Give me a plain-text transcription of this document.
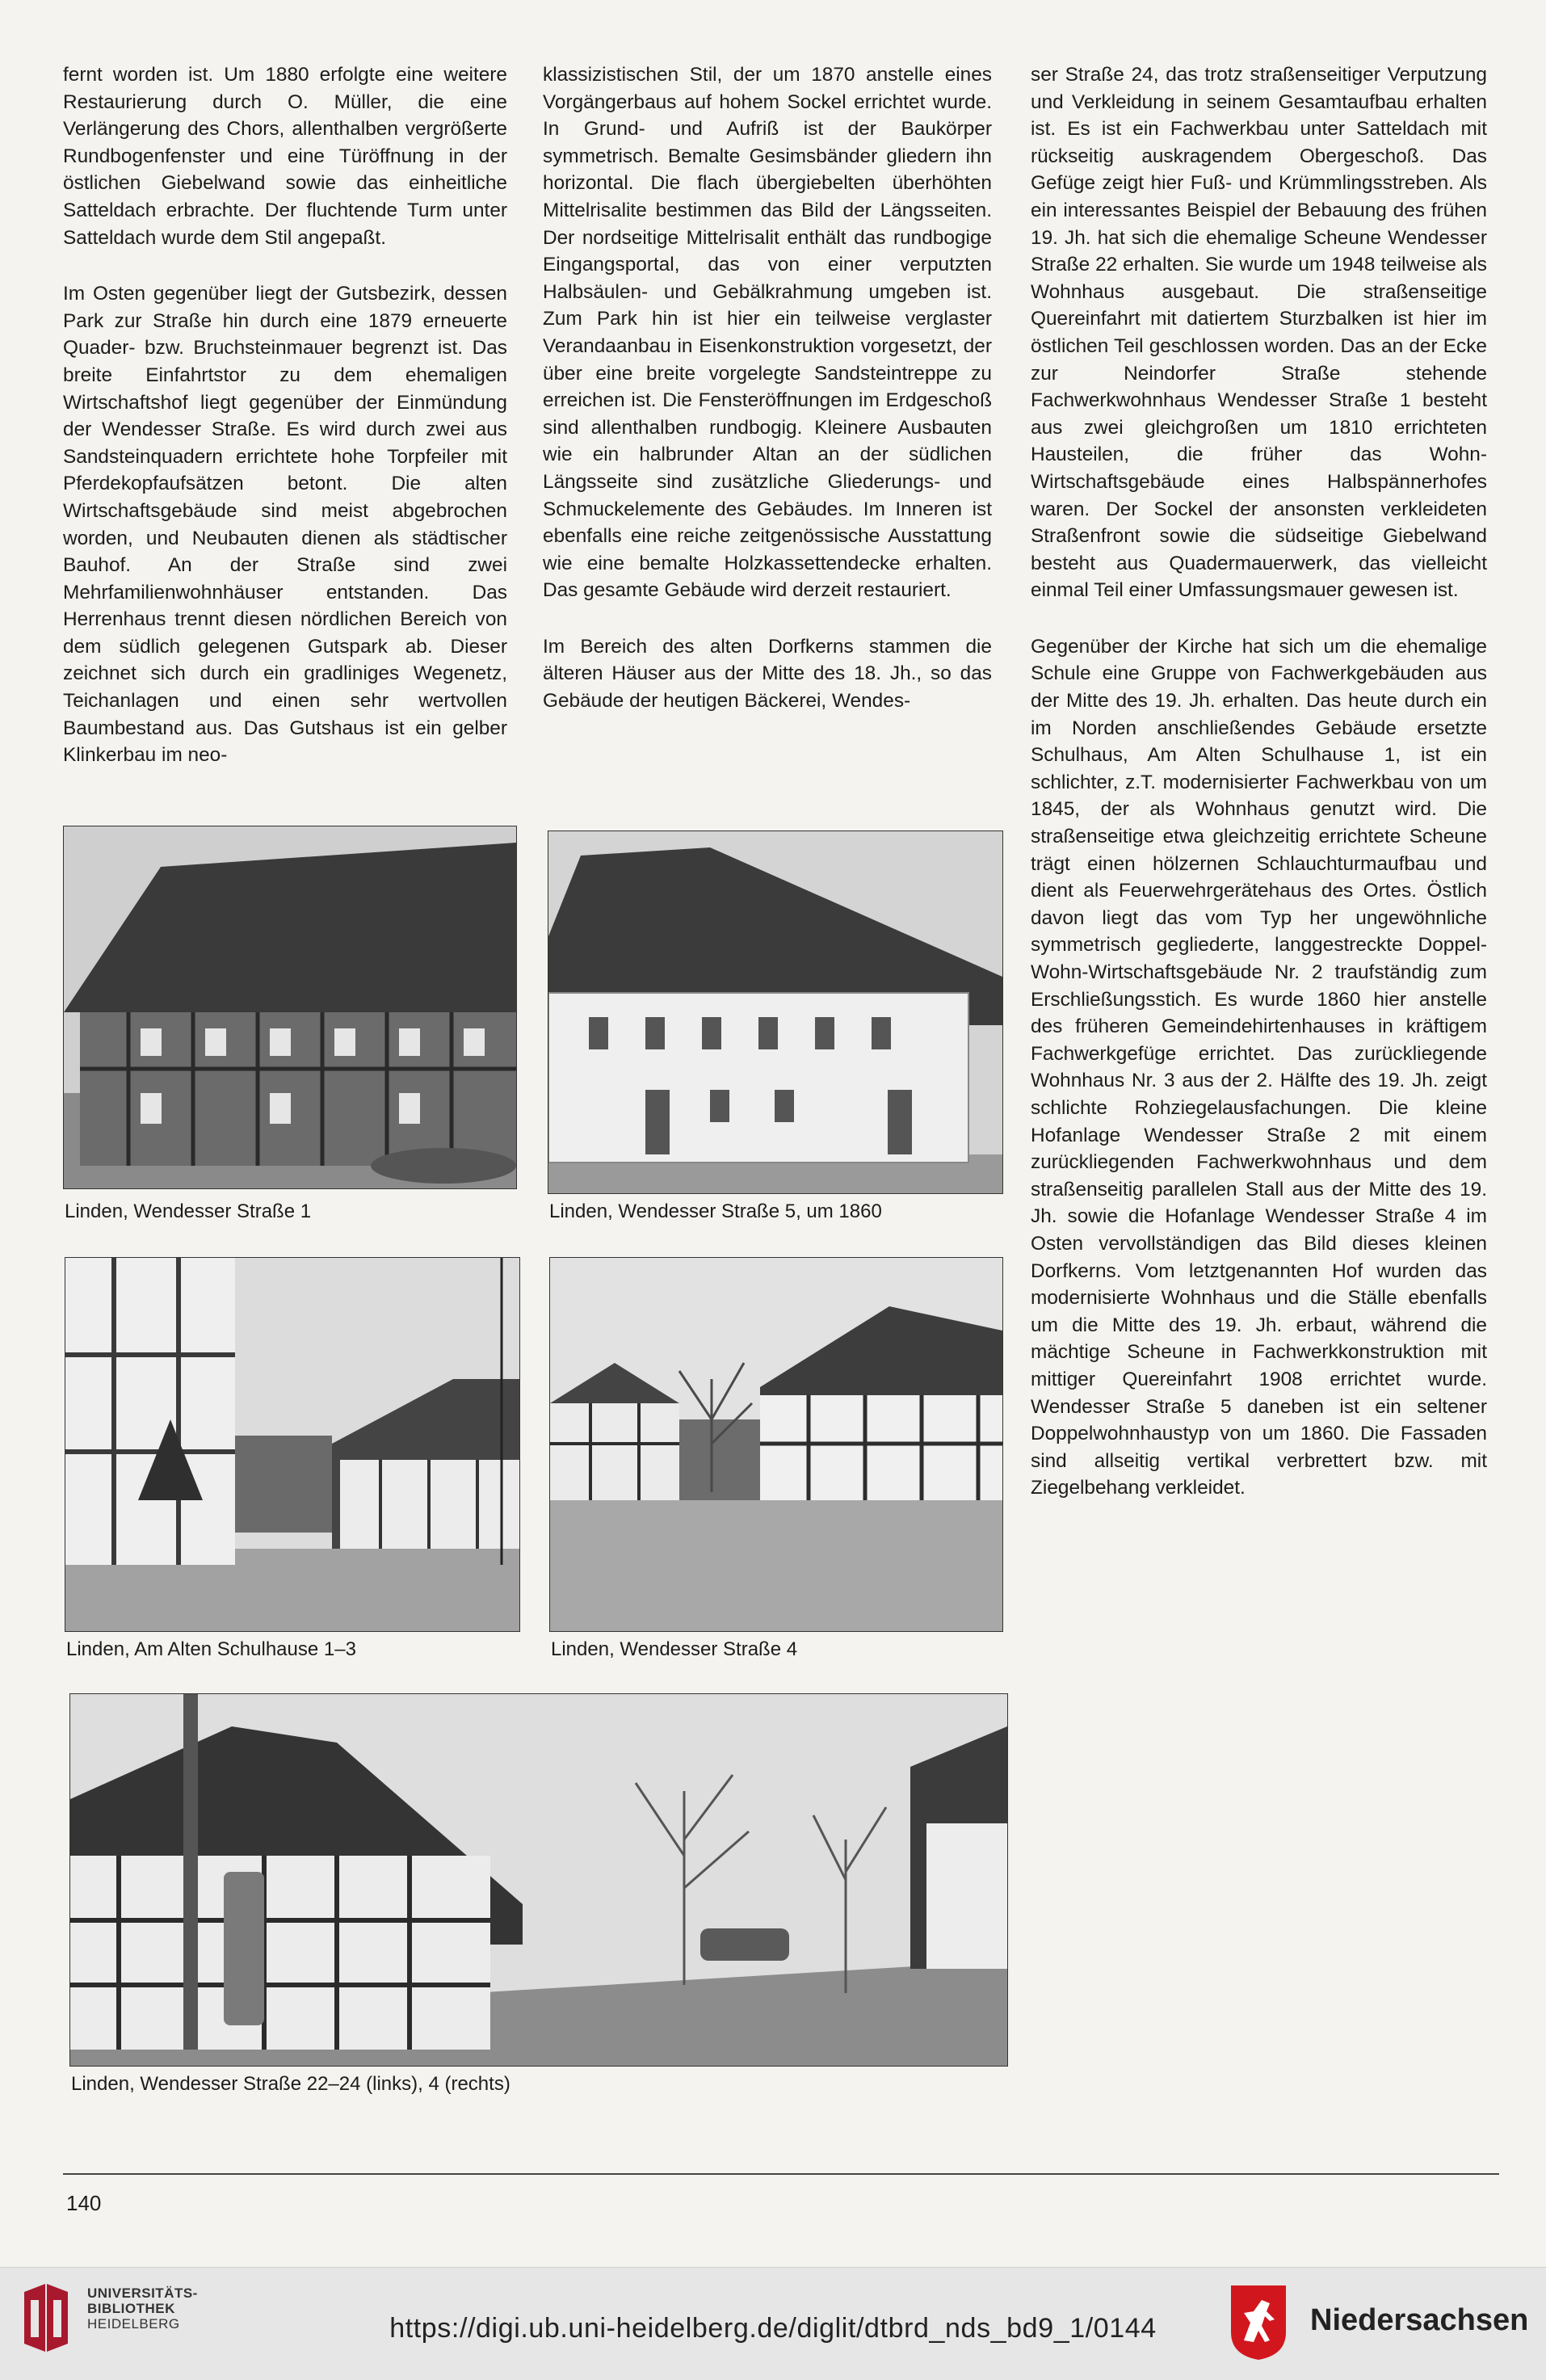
fernt worden ist. Um 1880 erfolgte eine weitere Restaurierung durch O. Müller, die eine Verlängerung des Chors, allenthalben vergrößerte Rundbogenfenster und eine Türöffnung in der östlichen Giebelwand sowie das einheitliche Satteldach erbrachte. Der fluchtende Turm unter Satteldach wurde dem Stil angepaßt.

Im Osten gegenüber liegt der Gutsbezirk, dessen Park zur Straße hin durch eine 1879 erneuerte Quader- bzw. Bruchsteinmauer begrenzt ist. Das breite Einfahrtstor zu dem ehemaligen Wirtschaftshof liegt gegenüber der Einmündung der Wendesser Straße. Es wird durch zwei aus Sandsteinquadern errichtete hohe Torpfeiler mit Pferdekopfaufsätzen betont. Die alten Wirtschaftsgebäude sind meist abgebrochen worden, und Neubauten dienen als städtischer Bauhof. An der Straße sind zwei Mehrfamilienwohnhäuser entstanden. Das Herrenhaus trennt diesen nördlichen Bereich von dem südlich gelegenen Gutspark ab. Dieser zeichnet sich durch ein gradliniges Wegenetz, Teichanlagen und einen sehr wertvollen Baumbestand aus. Das Gutshaus ist ein gelber Klinkerbau im neo-

klassizistischen Stil, der um 1870 anstelle eines Vorgängerbaus auf hohem Sockel errichtet wurde. In Grund- und Aufriß ist der Baukörper symmetrisch. Bemalte Gesimsbänder gliedern ihn horizontal. Die flach übergiebelten überhöhten Mittelrisalite bestimmen das Bild der Längsseiten. Der nordseitige Mittelrisalit enthält das rundbogige Eingangsportal, das von einer verputzten Halbsäulen- und Gebälkrahmung umgeben ist. Zum Park hin ist hier ein teilweise verglaster Verandaanbau in Eisenkonstruktion vorgesetzt, der über eine breite vorgelegte Sandsteintreppe zu erreichen ist. Die Fensteröffnungen im Erdgeschoß sind allenthalben rundbogig. Kleinere Ausbauten wie ein halbrunder Altan an der südlichen Längsseite sind zusätzliche Gliederungs- und Schmuckelemente des Gebäudes. Im Inneren ist ebenfalls eine reiche zeitgenössische Ausstattung wie eine bemalte Holzkassettendecke erhalten. Das gesamte Gebäude wird derzeit restauriert.

Im Bereich des alten Dorfkerns stammen die älteren Häuser aus der Mitte des 18. Jh., so das Gebäude der heutigen Bäckerei, Wendes-

ser Straße 24, das trotz straßenseitiger Verputzung und Verkleidung in seinem Gesamtaufbau erhalten ist. Es ist ein Fachwerkbau unter Satteldach mit rückseitig auskragendem Obergeschoß. Das Gefüge zeigt hier Fuß- und Krümmlingsstreben. Als ein interessantes Beispiel der Bebauung des frühen 19. Jh. hat sich die ehemalige Scheune Wendesser Straße 22 erhalten. Sie wurde um 1948 teilweise als Wohnhaus ausgebaut. Die straßenseitige Quereinfahrt mit datiertem Sturzbalken ist hier im östlichen Teil geschlossen worden. Das an der Ecke zur Neindorfer Straße stehende Fachwerkwohnhaus Wendesser Straße 1 besteht aus zwei gleichgroßen um 1810 errichteten Hausteilen, die früher das Wohn- Wirtschaftsgebäude eines Halbspännerhofes waren. Der Sockel der ansonsten verkleideten Straßenfront sowie die südseitige Giebelwand besteht aus Quadermauerwerk, das vielleicht einmal Teil einer Umfassungsmauer gewesen ist.

Gegenüber der Kirche hat sich um die ehemalige Schule eine Gruppe von Fachwerkgebäuden aus der Mitte des 19. Jh. erhalten. Das heute durch ein im Norden anschließendes Gebäude ersetzte Schulhaus, Am Alten Schulhause 1, ist ein schlichter, z.T. modernisierter Fachwerkbau von um 1845, der als Wohnhaus genutzt wird. Die straßenseitige etwa gleichzeitig errichtete Scheune trägt einen hölzernen Schlauchturmaufbau und dient als Feuerwehrgerätehaus des Ortes. Östlich davon liegt das vom Typ her ungewöhnliche symmetrisch gegliederte, langgestreckte Doppel-Wohn-Wirtschaftsgebäude Nr. 2 traufständig zum Erschließungsstich. Es wurde 1860 hier anstelle des früheren Gemeindehirtenhauses in kräftigem Fachwerkgefüge errichtet. Das zurückliegende Wohnhaus Nr. 3 aus der 2. Hälfte des 19. Jh. zeigt schlichte Rohziegelausfachungen. Die kleine Hofanlage Wendesser Straße 2 mit einem zurückliegenden Fachwerkwohnhaus und dem straßenseitig parallelen Stall aus der Mitte des 19. Jh. sowie die Hofanlage Wendesser Straße 4 im Osten vervollständigen das Bild dieses kleinen Dorfkerns. Vom letztgenannten Hof wurden das modernisierte Wohnhaus und die Ställe ebenfalls um die Mitte des 19. Jh. erbaut, während die mächtige Scheune in Fachwerkkonstruktion mit mittiger Quereinfahrt 1908 errichtet wurde. Wendesser Straße 5 daneben ist ein seltener Doppelwohnhaustyp von um 1860. Die Fassaden sind allseitig vertikal verbrettert bzw. mit Ziegelbehang verkleidet.

Linden, Wendesser Straße 1	Linden, Wendesser Straße 5, um 1860
Linden, Am Alten Schulhause 1–3	Linden, Wendesser Straße 4
Linden, Wendesser Straße 22–24 (links), 4 (rechts)
140
UNIVERSITÄTS-
BIBLIOTHEK
HEIDELBERG	https://digi.ub.uni-heidelberg.de/diglit/dtbrd_nds_bd9_1/0144	Niedersachsen
